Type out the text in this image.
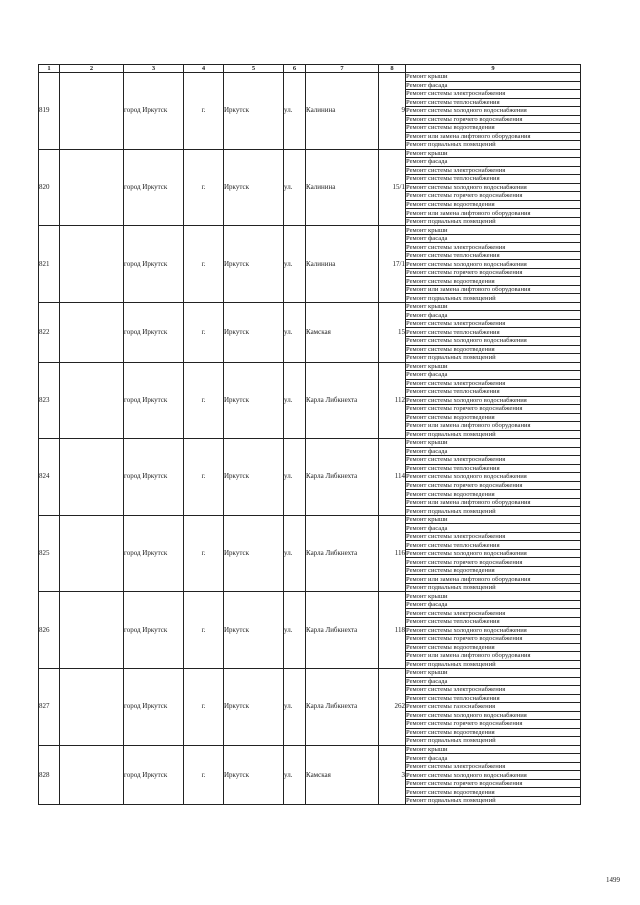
1	2	3	4	5	6	7	8	9
819		город Иркутск	г.	Иркутск	ул.	Калинина	9	Ремонт крыши
								Ремонт фасада
								Ремонт системы электроснабжения
								Ремонт системы теплоснабжения
								Ремонт системы холодного водоснабжения
								Ремонт системы горячего водоснабжения
								Ремонт системы водоотведения
								Ремонт или замена лифтового оборудования
								Ремонт подвальных помещений
820		город Иркутск	г.	Иркутск	ул.	Калинина	15/1	Ремонт крыши
								Ремонт фасада
								Ремонт системы электроснабжения
								Ремонт системы теплоснабжения
								Ремонт системы холодного водоснабжения
								Ремонт системы горячего водоснабжения
								Ремонт системы водоотведения
								Ремонт или замена лифтового оборудования
								Ремонт подвальных помещений
821		город Иркутск	г.	Иркутск	ул.	Калинина	17/1	Ремонт крыши
								Ремонт фасада
								Ремонт системы электроснабжения
								Ремонт системы теплоснабжения
								Ремонт системы холодного водоснабжения
								Ремонт системы горячего водоснабжения
								Ремонт системы водоотведения
								Ремонт или замена лифтового оборудования
								Ремонт подвальных помещений
822		город Иркутск	г.	Иркутск	ул.	Камская	15	Ремонт крыши
								Ремонт фасада
								Ремонт системы электроснабжения
								Ремонт системы теплоснабжения
								Ремонт системы холодного водоснабжения
								Ремонт системы водоотведения
								Ремонт подвальных помещений
823		город Иркутск	г.	Иркутск	ул.	Карла Либкнехта	112	Ремонт крыши
								Ремонт фасада
								Ремонт системы электроснабжения
								Ремонт системы теплоснабжения
								Ремонт системы холодного водоснабжения
								Ремонт системы горячего водоснабжения
								Ремонт системы водоотведения
								Ремонт или замена лифтового оборудования
								Ремонт подвальных помещений
824		город Иркутск	г.	Иркутск	ул.	Карла Либкнехта	114	Ремонт крыши
								Ремонт фасада
								Ремонт системы электроснабжения
								Ремонт системы теплоснабжения
								Ремонт системы холодного водоснабжения
								Ремонт системы горячего водоснабжения
								Ремонт системы водоотведения
								Ремонт или замена лифтового оборудования
								Ремонт подвальных помещений
825		город Иркутск	г.	Иркутск	ул.	Карла Либкнехта	116	Ремонт крыши
								Ремонт фасада
								Ремонт системы электроснабжения
								Ремонт системы теплоснабжения
								Ремонт системы холодного водоснабжения
								Ремонт системы горячего водоснабжения
								Ремонт системы водоотведения
								Ремонт или замена лифтового оборудования
								Ремонт подвальных помещений
826		город Иркутск	г.	Иркутск	ул.	Карла Либкнехта	118	Ремонт крыши
								Ремонт фасада
								Ремонт системы электроснабжения
								Ремонт системы теплоснабжения
								Ремонт системы холодного водоснабжения
								Ремонт системы горячего водоснабжения
								Ремонт системы водоотведения
								Ремонт или замена лифтового оборудования
								Ремонт подвальных помещений
827		город Иркутск	г.	Иркутск	ул.	Карла Либкнехта	262	Ремонт крыши
								Ремонт фасада
								Ремонт системы электроснабжения
								Ремонт системы теплоснабжения
								Ремонт системы газоснабжения
								Ремонт системы холодного водоснабжения
								Ремонт системы горячего водоснабжения
								Ремонт системы водоотведения
								Ремонт подвальных помещений
828		город Иркутск	г.	Иркутск	ул.	Камская	3	Ремонт крыши
								Ремонт фасада
								Ремонт системы электроснабжения
								Ремонт системы холодного водоснабжения
								Ремонт системы горячего водоснабжения
								Ремонт системы водоотведения
								Ремонт подвальных помещений
1499
